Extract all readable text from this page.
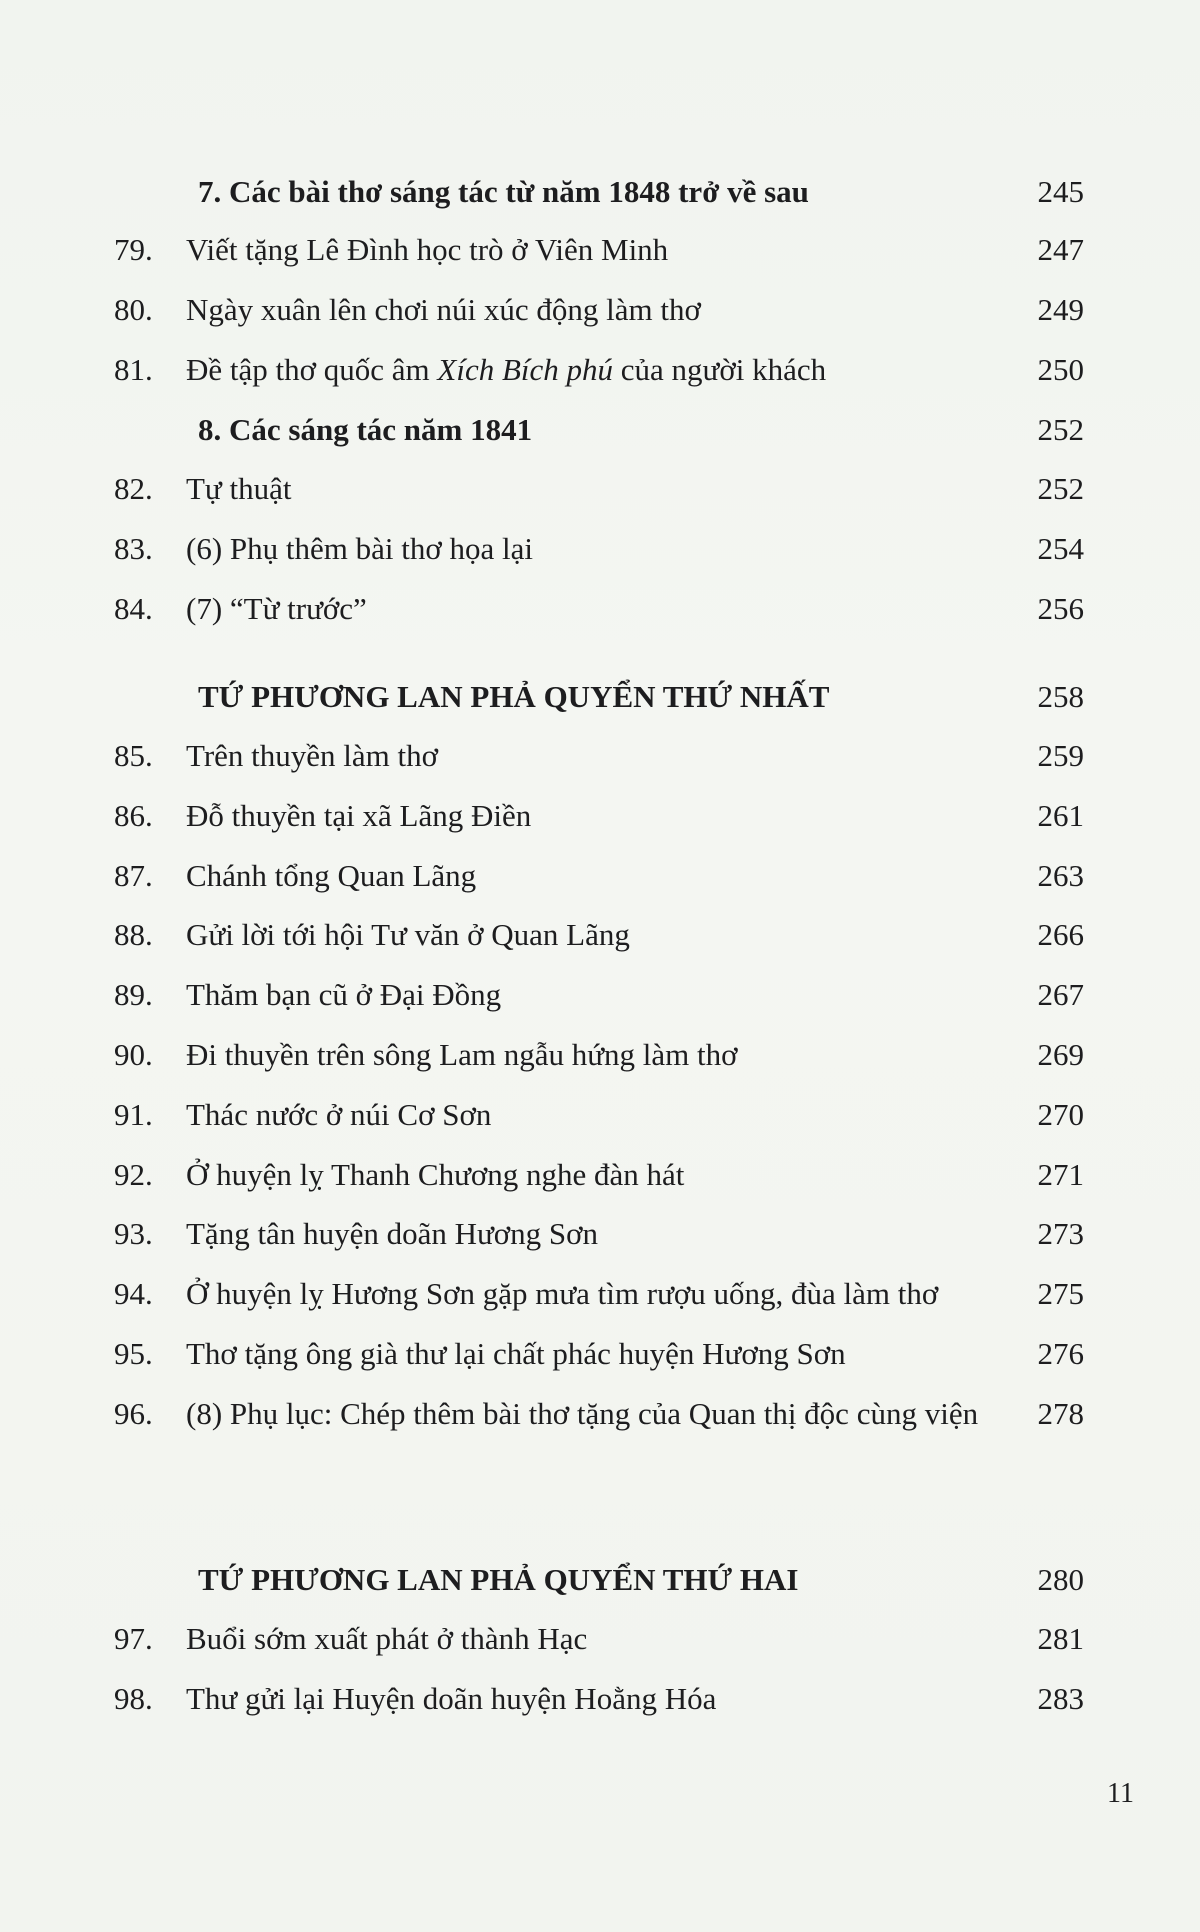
7. Các bài thơ sáng tác từ năm 1848 trở về sau	245
79.	Viết tặng Lê Đình học trò ở Viên Minh	247
80.	Ngày xuân lên chơi núi xúc động làm thơ	249
81.	Đề tập thơ quốc âm Xích Bích phú của người khách	250
8. Các sáng tác năm 1841	252
82.	Tự thuật	252
83.	(6) Phụ thêm bài thơ họa lại	254
84.	(7) “Từ trước”	256
TỨ PHƯƠNG LAN PHẢ QUYỂN THỨ NHẤT	258
85.	Trên thuyền làm thơ	259
86.	Đỗ thuyền tại xã Lãng Điền	261
87.	Chánh tổng Quan Lãng	263
88.	Gửi lời tới hội Tư văn ở Quan Lãng	266
89.	Thăm bạn cũ ở Đại Đồng	267
90.	Đi thuyền trên sông Lam ngẫu hứng làm thơ	269
91.	Thác nước ở núi Cơ Sơn	270
92.	Ở huyện lỵ Thanh Chương nghe đàn hát	271
93.	Tặng tân huyện doãn Hương Sơn	273
94.	Ở huyện lỵ Hương Sơn gặp mưa tìm rượu uống, đùa làm thơ	275
95.	Thơ tặng ông già thư lại chất phác huyện Hương Sơn	276
96.	(8) Phụ lục: Chép thêm bài thơ tặng của Quan thị độc cùng viện	278
TỨ PHƯƠNG LAN PHẢ QUYỂN THỨ HAI	280
97.	Buổi sớm xuất phát ở thành Hạc	281
98.	Thư gửi lại Huyện doãn huyện Hoằng Hóa	283
11
